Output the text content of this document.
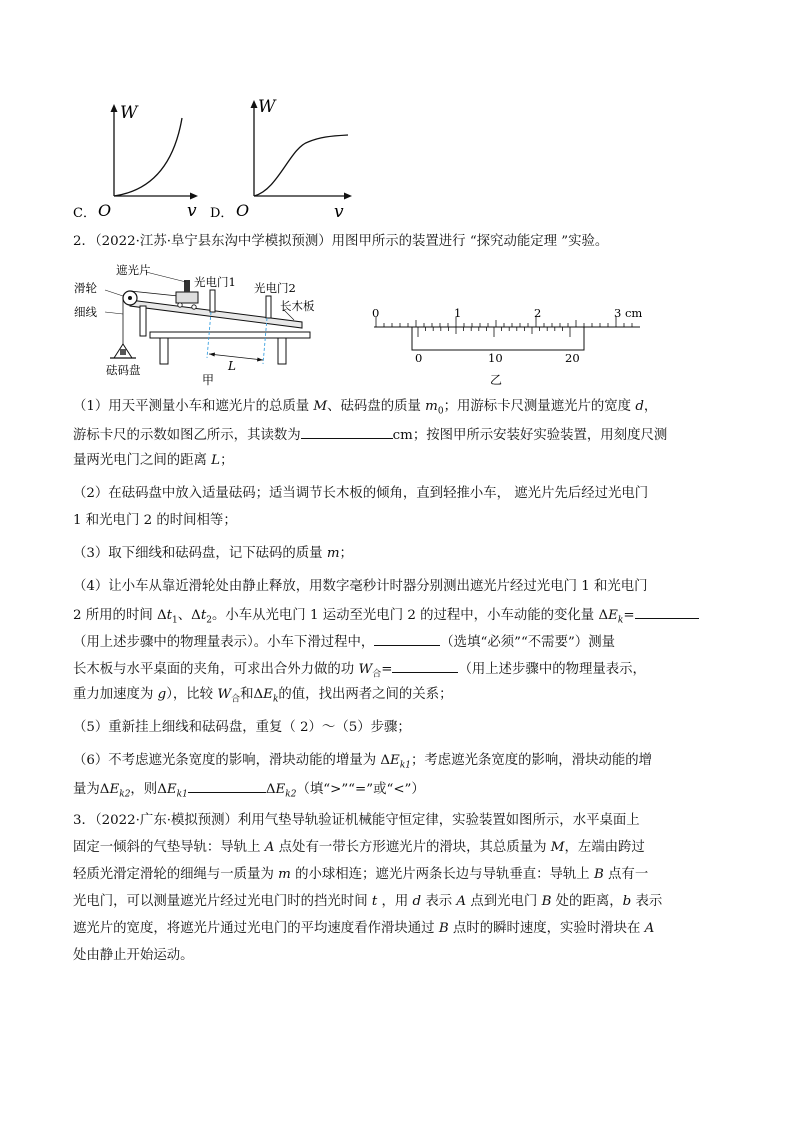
W
O	v
C．
W
O	v
D．
2．（2022·江苏·阜宁县东沟中学模拟预测）用图甲所示的装置进行 “探究动能定理 ”实验。
遮光片
光电门1 光电门2
滑轮
细线	长木板
砝码盘	L
甲
0	1	2	3 cm
0	10	20
乙
（1）用天平测量小车和遮光片的总质量 M、砝码盘的质量 $m_0$；用游标卡尺测量遮光片的宽度 d，
游标卡尺的示数如图乙所示，其读数为	cm；按图甲所示安装好实验装置，用刻度尺测
量两光电门之间的距离 L；
（2）在砝码盘中放入适量砝码；适当调节长木板的倾角，直到轻推小车， 遮光片先后经过光电门
1 和光电门 2 的时间相等；
（3）取下细线和砝码盘，记下砝码的质量 m；
（4）让小车从靠近滑轮处由静止释放，用数字毫秒计时器分别测出遮光片经过光电门 1 和光电门
2 所用的时间 $\Delta t_1$、$\Delta t_2$。小车从光电门 1 运动至光电门 2 的过程中，小车动能的变化量 $\Delta E_k=$
（用上述步骤中的物理量表示）。小车下滑过程中，	（选填“必须”“不需要”）测量
长木板与水平桌面的夹角，可求出合外力做的功 $W_合=$	（用上述步骤中的物理量表示，
重力加速度为 g），比较 $W_合$和$\Delta E_k$的值，找出两者之间的关系；
（5）重新挂上细线和砝码盘，重复（ 2）～（5）步骤；
（6）不考虑遮光条宽度的影响，滑块动能的增量为 $\Delta E_{k1}$；考虑遮光条宽度的影响，滑块动能的增
量为$\Delta E_{k2}$，则$\Delta E_{k1}$	$\Delta E_{k2}$（填“>”“=”或“<”）
3．（2022·广东·模拟预测）利用气垫导轨验证机械能守恒定律，实验装置如图所示，水平桌面上
固定一倾斜的气垫导轨：导轨上 A 点处有一带长方形遮光片的滑块，其总质量为 M，左端由跨过
轻质光滑定滑轮的细绳与一质量为 m 的小球相连；遮光片两条长边与导轨垂直：导轨上 B 点有一
光电门，可以测量遮光片经过光电门时的挡光时间 t ，用 d 表示 A 点到光电门 B 处的距离，b 表示
遮光片的宽度，将遮光片通过光电门的平均速度看作滑块通过 B 点时的瞬时速度，实验时滑块在 A
处由静止开始运动。
